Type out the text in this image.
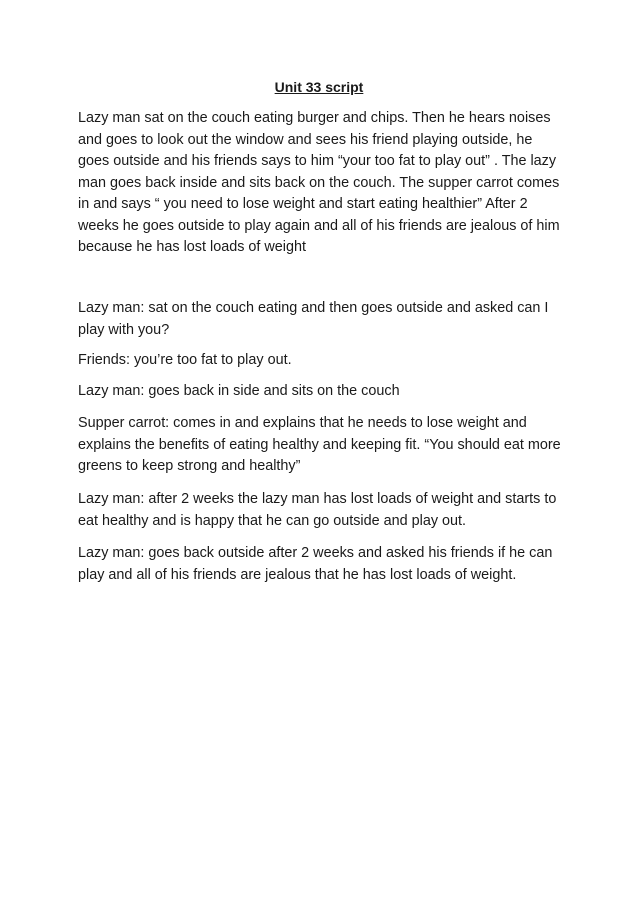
Unit 33 script

Lazy man sat on the couch eating burger and chips. Then he hears noises and goes to look out the window and sees his friend playing outside, he goes outside and his friends says to him “your too fat to play out” . The lazy man goes back inside and sits back on the couch. The supper carrot comes in and says “ you need to lose weight and start eating healthier” After 2 weeks he goes outside to play again and all of his friends are jealous of him because he has lost loads of weight

Lazy man: sat on the couch eating and then goes outside and asked can I play with you?

Friends: you’re too fat to play out.

Lazy man: goes back in side and sits on the couch

Supper carrot: comes in and explains that he needs to lose weight and explains the benefits of eating healthy and keeping fit. “You should eat more greens to keep strong and healthy”

Lazy man: after 2 weeks the lazy man has lost loads of weight and starts to eat healthy and is happy that he can go outside and play out.

Lazy man: goes back outside after 2 weeks and asked his friends if he can play and all of his friends are jealous that he has lost loads of weight.
